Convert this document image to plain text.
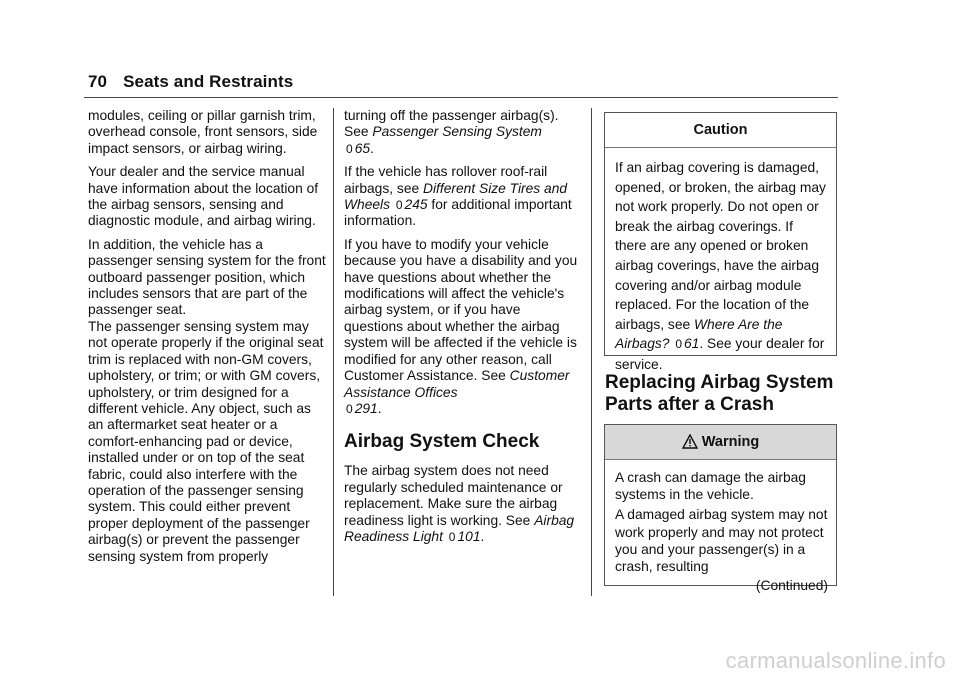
70 Seats and Restraints

modules, ceiling or pillar garnish trim, overhead console, front sensors, side impact sensors, or airbag wiring.

Your dealer and the service manual have information about the location of the airbag sensors, sensing and diagnostic module, and airbag wiring.

In addition, the vehicle has a passenger sensing system for the front outboard passenger position, which includes sensors that are part of the passenger seat.

The passenger sensing system may not operate properly if the original seat trim is replaced with non-GM covers, upholstery, or trim; or with GM covers, upholstery, or trim designed for a different vehicle. Any object, such as an aftermarket seat heater or a comfort-enhancing pad or device, installed under or on top of the seat fabric, could also interfere with the operation of the passenger sensing system. This could either prevent proper deployment of the passenger airbag(s) or prevent the passenger sensing system from properly

turning off the passenger airbag(s). See Passenger Sensing System
0 65.

If the vehicle has rollover roof-rail airbags, see Different Size Tires and Wheels 0 245 for additional important information.

If you have to modify your vehicle because you have a disability and you have questions about whether the modifications will affect the vehicle's airbag system, or if you have questions about whether the airbag system will be affected if the vehicle is modified for any other reason, call Customer Assistance. See Customer Assistance Offices
0 291.

Airbag System Check

The airbag system does not need regularly scheduled maintenance or replacement. Make sure the airbag readiness light is working. See Airbag Readiness Light 0 101.

Caution
If an airbag covering is damaged, opened, or broken, the airbag may not work properly. Do not open or break the airbag coverings. If there are any opened or broken airbag coverings, have the airbag covering and/or airbag module replaced. For the location of the airbags, see Where Are the Airbags? 0 61. See your dealer for service.
Replacing Airbag System
Parts after a Crash
Warning
A crash can damage the airbag systems in the vehicle.
A damaged airbag system may not work properly and may not protect you and your passenger(s) in a crash, resulting
(Continued)
carmanualsonline.info
